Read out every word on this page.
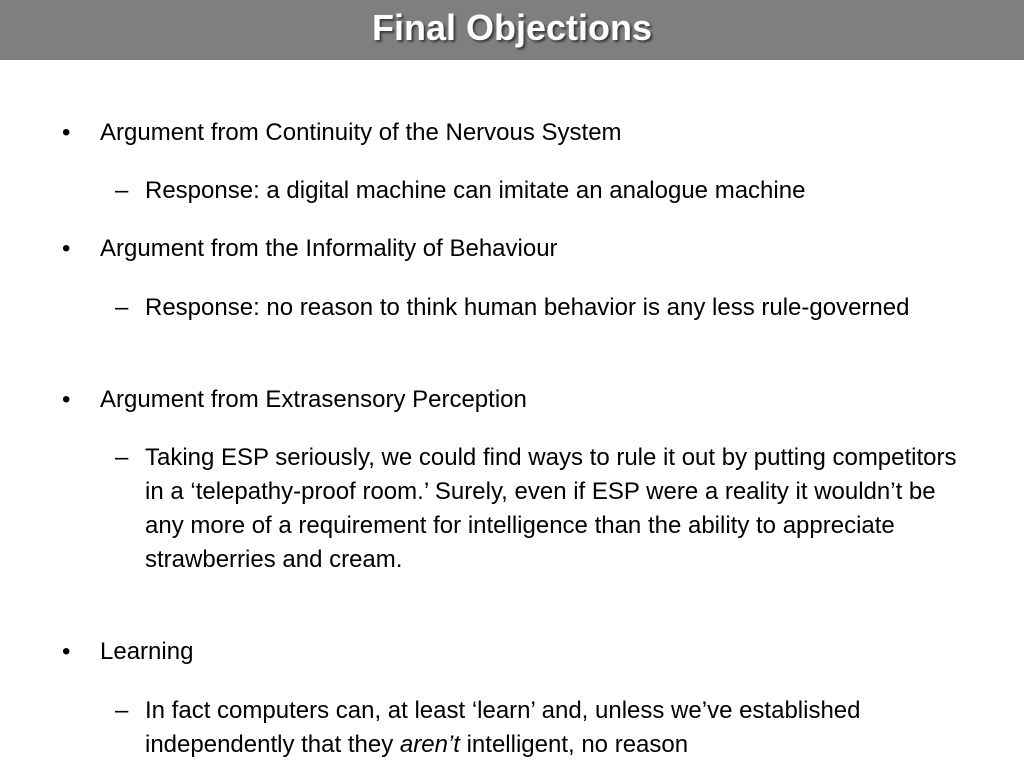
Final Objections

• Argument from Continuity of the Nervous System

– Response: a digital machine can imitate an analogue machine

• Argument from the Informality of Behaviour

– Response: no reason to think human behavior is any less rule-governed

• Argument from Extrasensory Perception

– Taking ESP seriously, we could find ways to rule it out by putting competitors in a ‘telepathy-proof room.’ Surely, even if ESP were a reality it wouldn’t be any more of a requirement for intelligence than the ability to appreciate strawberries and cream.

• Learning

– In fact computers can, at least ‘learn’ and, unless we’ve established independently that they aren’t intelligent, no reason
